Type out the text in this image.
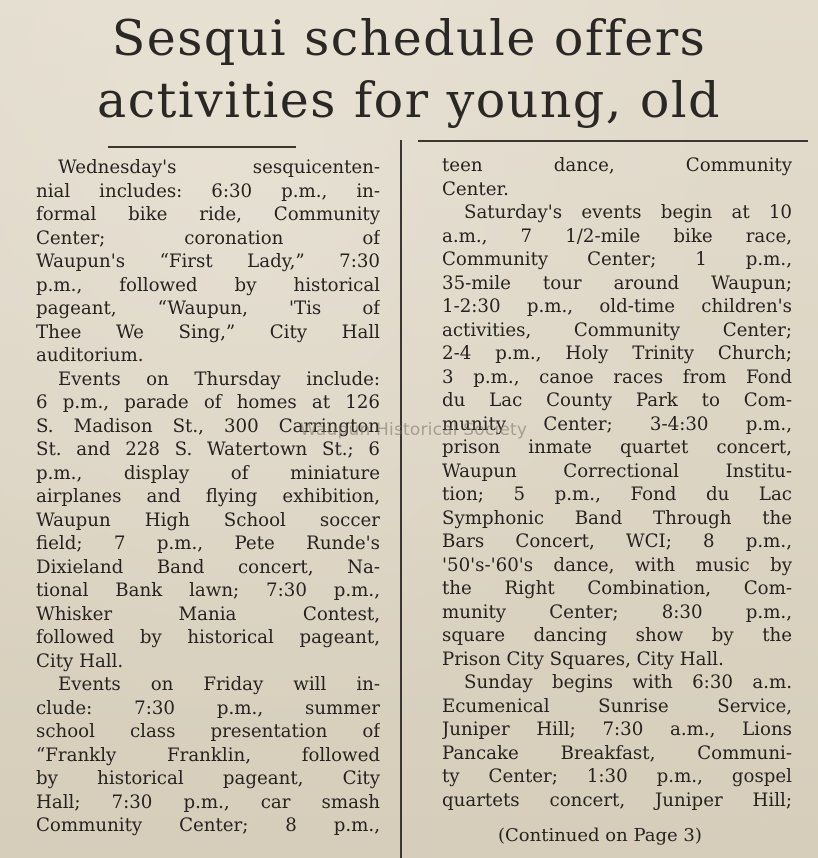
Sesqui schedule offers
activities for young, old
Wednesday's sesquicenten-
nial includes: 6:30 p.m., in-
formal bike ride, Community
Center; coronation of
Waupun's “First Lady,” 7:30
p.m., followed by historical
pageant, “Waupun, 'Tis of
Thee We Sing,” City Hall
auditorium.
Events on Thursday include:
6 p.m., parade of homes at 126
S. Madison St., 300 Carrington
St. and 228 S. Watertown St.; 6
p.m., display of miniature
airplanes and flying exhibition,
Waupun High School soccer
field; 7 p.m., Pete Runde's
Dixieland Band concert, Na-
tional Bank lawn; 7:30 p.m.,
Whisker Mania Contest,
followed by historical pageant,
City Hall.
Events on Friday will in-
clude: 7:30 p.m., summer
school class presentation of
“Frankly Franklin, followed
by historical pageant, City
Hall; 7:30 p.m., car smash
Community Center; 8 p.m.,
teen dance, Community
Center.
Saturday's events begin at 10
a.m., 7 1/2-mile bike race,
Community Center; 1 p.m.,
35-mile tour around Waupun;
1-2:30 p.m., old-time children's
activities, Community Center;
2-4 p.m., Holy Trinity Church;
3 p.m., canoe races from Fond
du Lac County Park to Com-
munity Center; 3-4:30 p.m.,
prison inmate quartet concert,
Waupun Correctional Institu-
tion; 5 p.m., Fond du Lac
Symphonic Band Through the
Bars Concert, WCI; 8 p.m.,
'50's-'60's dance, with music by
the Right Combination, Com-
munity Center; 8:30 p.m.,
square dancing show by the
Prison City Squares, City Hall.
Sunday begins with 6:30 a.m.
Ecumenical Sunrise Service,
Juniper Hill; 7:30 a.m., Lions
Pancake Breakfast, Communi-
ty Center; 1:30 p.m., gospel
quartets concert, Juniper Hill;
(Continued on Page 3)
Waupun Historical Society
